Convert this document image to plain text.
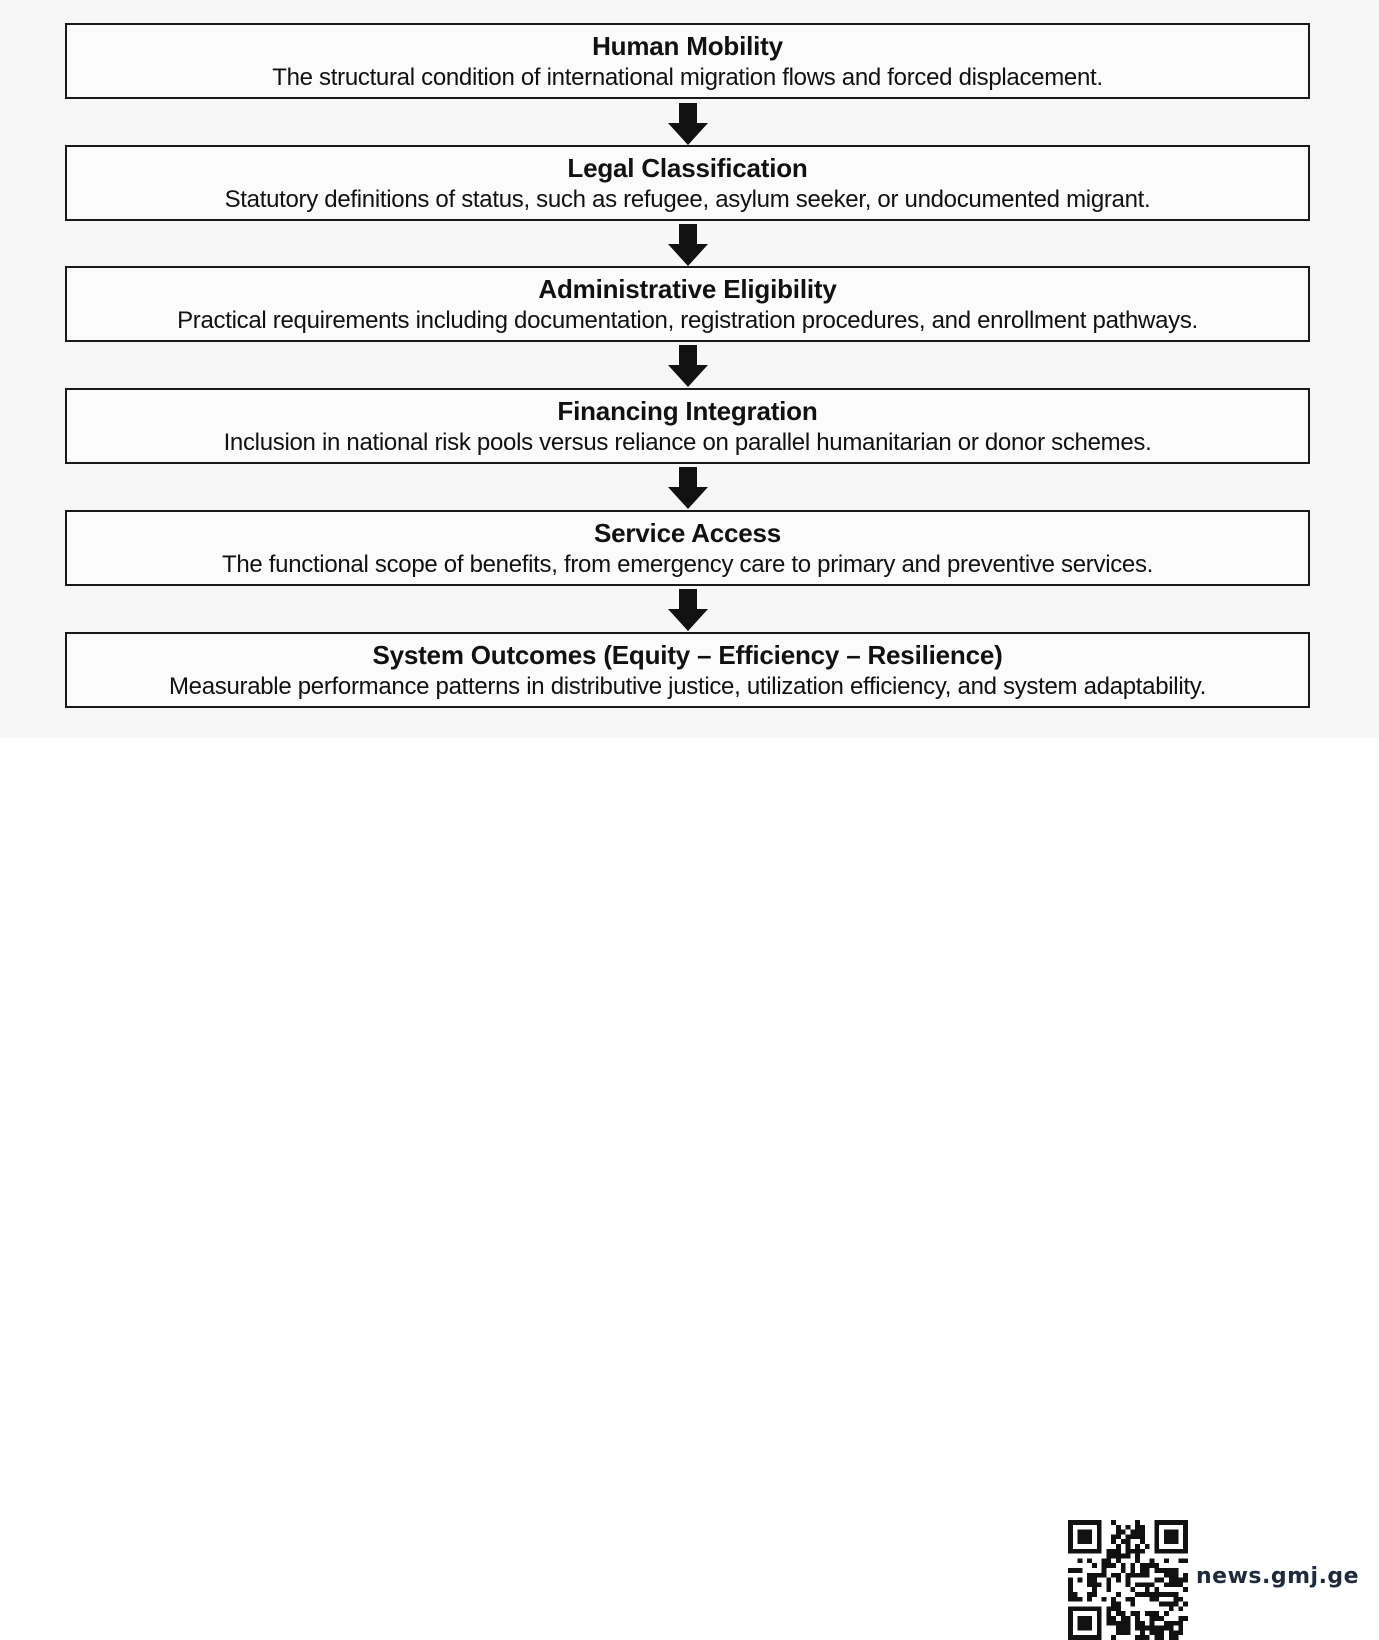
Human Mobility
The structural condition of international migration flows and forced displacement.
Legal Classification
Statutory definitions of status, such as refugee, asylum seeker, or undocumented migrant.
Administrative Eligibility
Practical requirements including documentation, registration procedures, and enrollment pathways.
Financing Integration
Inclusion in national risk pools versus reliance on parallel humanitarian or donor schemes.
Service Access
The functional scope of benefits, from emergency care to primary and preventive services.
System Outcomes (Equity – Efficiency – Resilience)
Measurable performance patterns in distributive justice, utilization efficiency, and system adaptability.
news.gmj.ge
